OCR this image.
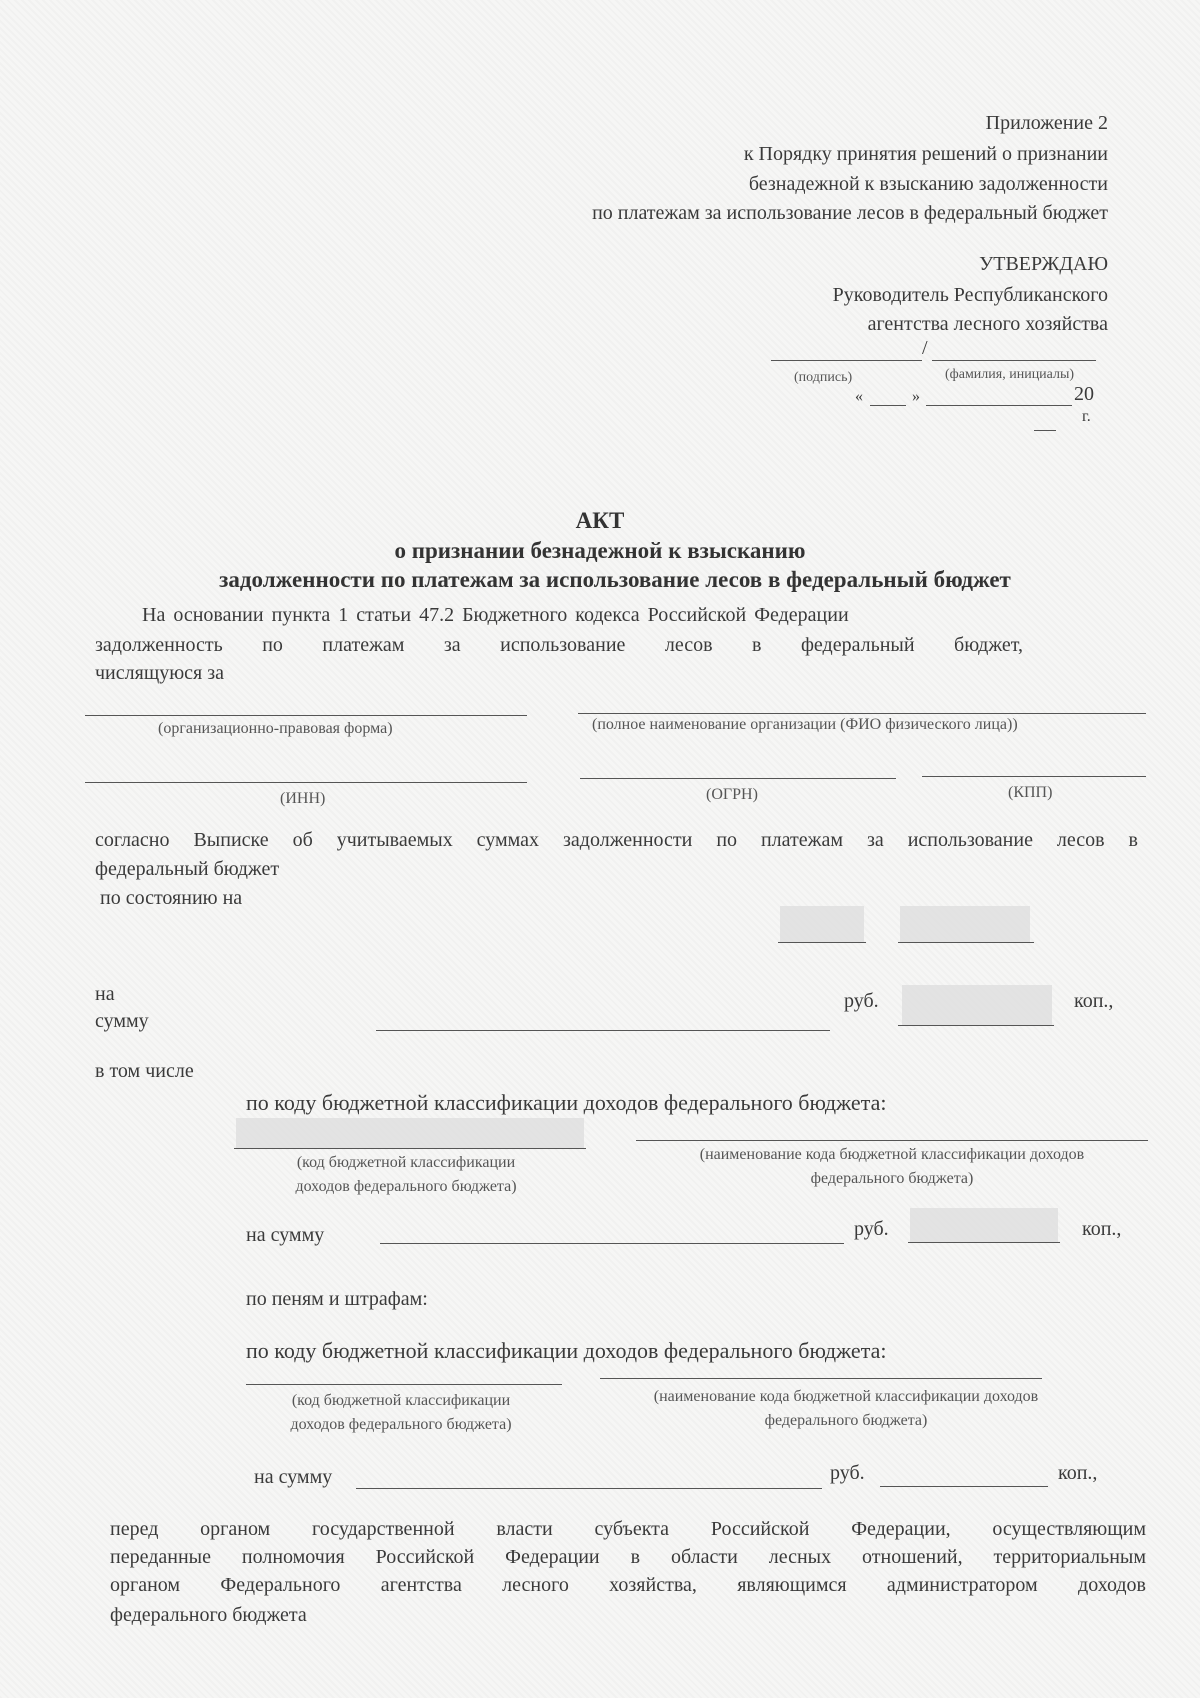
Приложение 2
к Порядку принятия решений о признании
безнадежной к взысканию задолженности
по платежам за использование лесов в федеральный бюджет
УТВЕРЖДАЮ
Руководитель Республиканского
агентства лесного хозяйства
/
(подпись)	(фамилия, инициалы)
«	»	20
г.
АКТ
о признании безнадежной к взысканию
задолженности по платежам за использование лесов в федеральный бюджет
На основании пункта 1 статьи 47.2 Бюджетного кодекса Российской Федерации
задолженность по платежам за использование лесов в федеральный бюджет,
числящуюся за
(организационно-правовая форма)	(полное наименование организации (ФИО физического лица))
(ИНН)	(ОГРН)	(КПП)
согласно Выписке об учитываемых суммах задолженности по платежам за использование лесов в
федеральный бюджет
по состоянию на
на
сумму
руб.	коп.,
в том числе
по коду бюджетной классификации доходов федерального бюджета:
(код бюджетной классификации
доходов федерального бюджета)
(наименование кода бюджетной классификации доходов
федерального бюджета)
на сумму	руб.	коп.,
по пеням и штрафам:
по коду бюджетной классификации доходов федерального бюджета:
(код бюджетной классификации
доходов федерального бюджета)
(наименование кода бюджетной классификации доходов
федерального бюджета)
на сумму	руб.	коп.,
перед органом государственной власти субъекта Российской Федерации, осуществляющим
переданные полномочия Российской Федерации в области лесных отношений, территориальным
органом Федерального агентства лесного хозяйства, являющимся администратором доходов
федерального бюджета
